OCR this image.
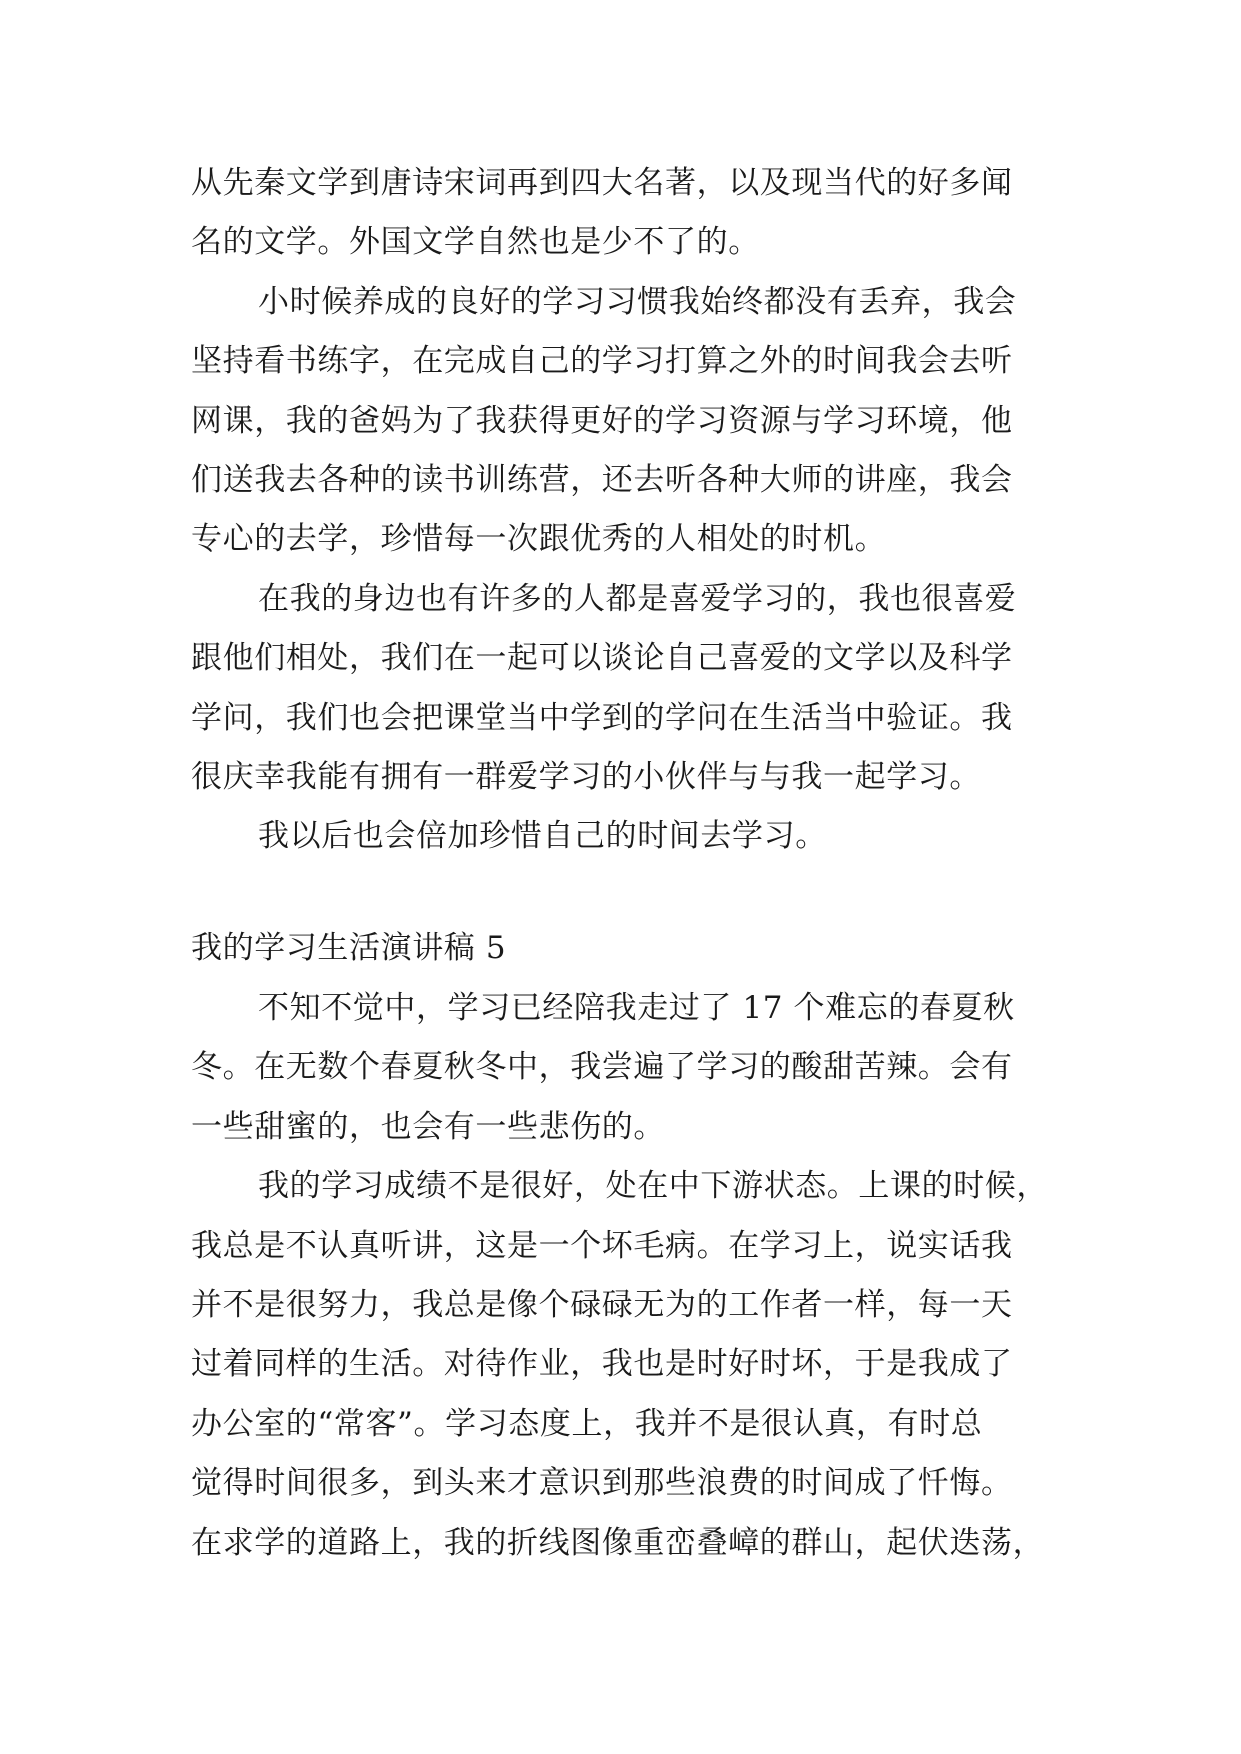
从先秦文学到唐诗宋词再到四大名著，以及现当代的好多闻
名的文学。外国文学自然也是少不了的。
小时候养成的良好的学习习惯我始终都没有丢弃，我会
坚持看书练字，在完成自己的学习打算之外的时间我会去听
网课，我的爸妈为了我获得更好的学习资源与学习环境，他
们送我去各种的读书训练营，还去听各种大师的讲座，我会
专心的去学，珍惜每一次跟优秀的人相处的时机。
在我的身边也有许多的人都是喜爱学习的，我也很喜爱
跟他们相处，我们在一起可以谈论自己喜爱的文学以及科学
学问，我们也会把课堂当中学到的学问在生活当中验证。我
很庆幸我能有拥有一群爱学习的小伙伴与与我一起学习。
我以后也会倍加珍惜自己的时间去学习。
我的学习生活演讲稿 5
不知不觉中，学习已经陪我走过了 17 个难忘的春夏秋
冬。在无数个春夏秋冬中，我尝遍了学习的酸甜苦辣。会有
一些甜蜜的，也会有一些悲伤的。
我的学习成绩不是很好，处在中下游状态。上课的时候，
我总是不认真听讲，这是一个坏毛病。在学习上，说实话我
并不是很努力，我总是像个碌碌无为的工作者一样，每一天
过着同样的生活。对待作业，我也是时好时坏，于是我成了
办公室的“常客”。学习态度上，我并不是很认真，有时总
觉得时间很多，到头来才意识到那些浪费的时间成了忏悔。
在求学的道路上，我的折线图像重峦叠嶂的群山，起伏迭荡，
